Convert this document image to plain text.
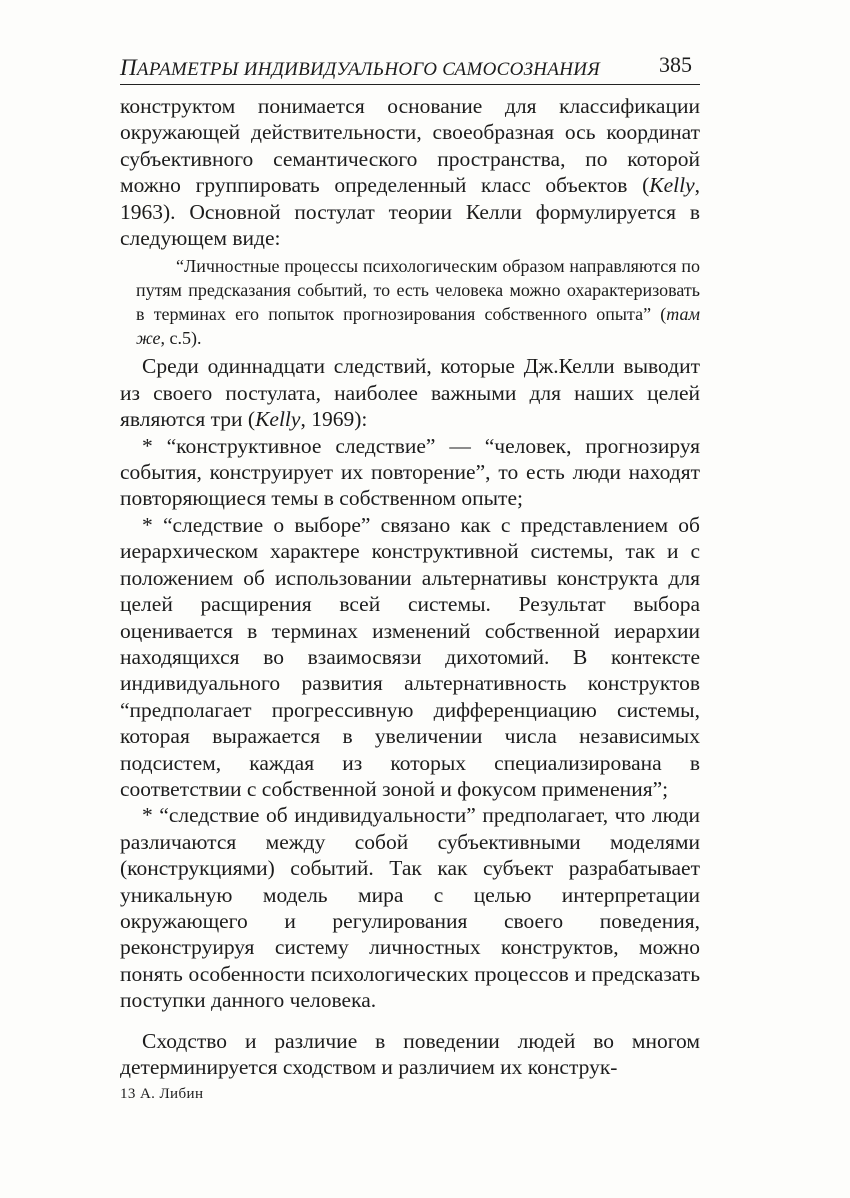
ПАРАМЕТРЫ ИНДИВИДУАЛЬНОГО САМОСОЗНАНИЯ	385

конструктом понимается основание для классификации окружающей действительности, своеобразная ось координат субъективного семантического пространства, по которой можно группировать определенный класс объектов (Kelly, 1963). Основной постулат теории Келли формулируется в следующем виде:

“Личностные процессы психологическим образом направляются по путям предсказания событий, то есть человека можно охарактеризовать в терминах его попыток прогнозирования собственного опыта” (там же, с.5).

Среди одиннадцати следствий, которые Дж.Келли выводит из своего постулата, наиболее важными для наших целей являются три (Kelly, 1969):

* “конструктивное следствие” — “человек, прогнозируя события, конструирует их повторение”, то есть люди находят повторяющиеся темы в собственном опыте;

* “следствие о выборе” связано как с представлением об иерархическом характере конструктивной системы, так и с положением об использовании альтернативы конструкта для целей расщирения всей системы. Результат выбора оценивается в терминах изменений собственной иерархии находящихся во взаимосвязи дихотомий. В контексте индивидуального развития альтернативность конструктов “предполагает прогрессивную дифференциацию системы, которая выражается в увеличении числа независимых подсистем, каждая из которых специализирована в соответствии с собственной зоной и фокусом применения”;

* “следствие об индивидуальности” предполагает, что люди различаются между собой субъективными моделями (конструкциями) событий. Так как субъект разрабатывает уникальную модель мира с целью интерпретации окружающего и регулирования своего поведения, реконструируя систему личностных конструктов, можно понять особенности психологических процессов и предсказать поступки данного человека.

Сходство и различие в поведении людей во многом детерминируется сходством и различием их конструк-

13 А. Либин
